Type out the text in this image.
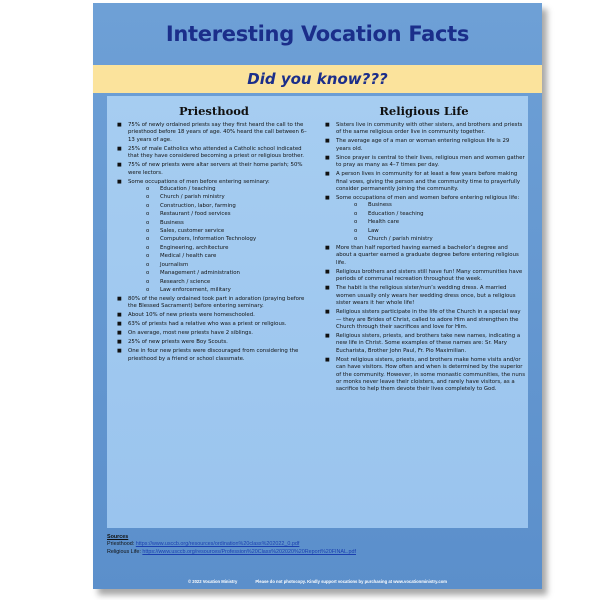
Interesting Vocation Facts
Did you know???
Priesthood
■ 75% of newly ordained priests say they first heard the call to the priesthood before 18 years of age. 40% heard the call between 6–13 years of age.
■ 25% of male Catholics who attended a Catholic school indicated that they have considered becoming a priest or religious brother.
■ 75% of new priests were altar servers at their home parish; 50% were lectors.
■ Some occupations of men before entering seminary:
o Education / teaching
o Church / parish ministry
o Construction, labor, farming
o Restaurant / food services
o Business
o Sales, customer service
o Computers, Information Technology
o Engineering, architecture
o Medical / health care
o Journalism
o Management / administration
o Research / science
o Law enforcement, military
■ 80% of the newly ordained took part in adoration (praying before the Blessed Sacrament) before entering seminary.
■ About 10% of new priests were homeschooled.
■ 63% of priests had a relative who was a priest or religious.
■ On average, most new priests have 2 siblings.
■ 25% of new priests were Boy Scouts.
■ One in four new priests were discouraged from considering the priesthood by a friend or school classmate.
Religious Life
■ Sisters live in community with other sisters, and brothers and priests of the same religious order live in community together.
■ The average age of a man or woman entering religious life is 29 years old.
■ Since prayer is central to their lives, religious men and women gather to pray as many as 4–7 times per day.
■ A person lives in community for at least a few years before making final vows, giving the person and the community time to prayerfully consider permanently joining the community.
■ Some occupations of men and women before entering religious life:
o Business
o Education / teaching
o Health care
o Law
o Church / parish ministry
■ More than half reported having earned a bachelor’s degree and about a quarter earned a graduate degree before entering religious life.
■ Religious brothers and sisters still have fun! Many communities have periods of communal recreation throughout the week.
■ The habit is the religious sister/nun’s wedding dress. A married women usually only wears her wedding dress once, but a religious sister wears it her whole life!
■ Religious sisters participate in the life of the Church in a special way — they are Brides of Christ, called to adore Him and strengthen the Church through their sacrifices and love for Him.
■ Religious sisters, priests, and brothers take new names, indicating a new life in Christ. Some examples of these names are: Sr. Mary Eucharista, Brother John Paul, Fr. Pio Maximilian.
■ Most religious sisters, priests, and brothers make home visits and/or can have visitors. How often and when is determined by the superior of the community. However, in some monastic communities, the nuns or monks never leave their cloisters, and rarely have visitors, as a sacrifice to help them devote their lives completely to God.
Sources
Priesthood: https://www.usccb.org/resources/ordination%20class%202022_0.pdf
Religious Life: https://www.usccb.org/resources/Profession%20Class%202020%20Report%20FINAL.pdf
© 2022 Vocation Ministry	Please do not photocopy. Kindly support vocations by purchasing at www.vocationministry.com
